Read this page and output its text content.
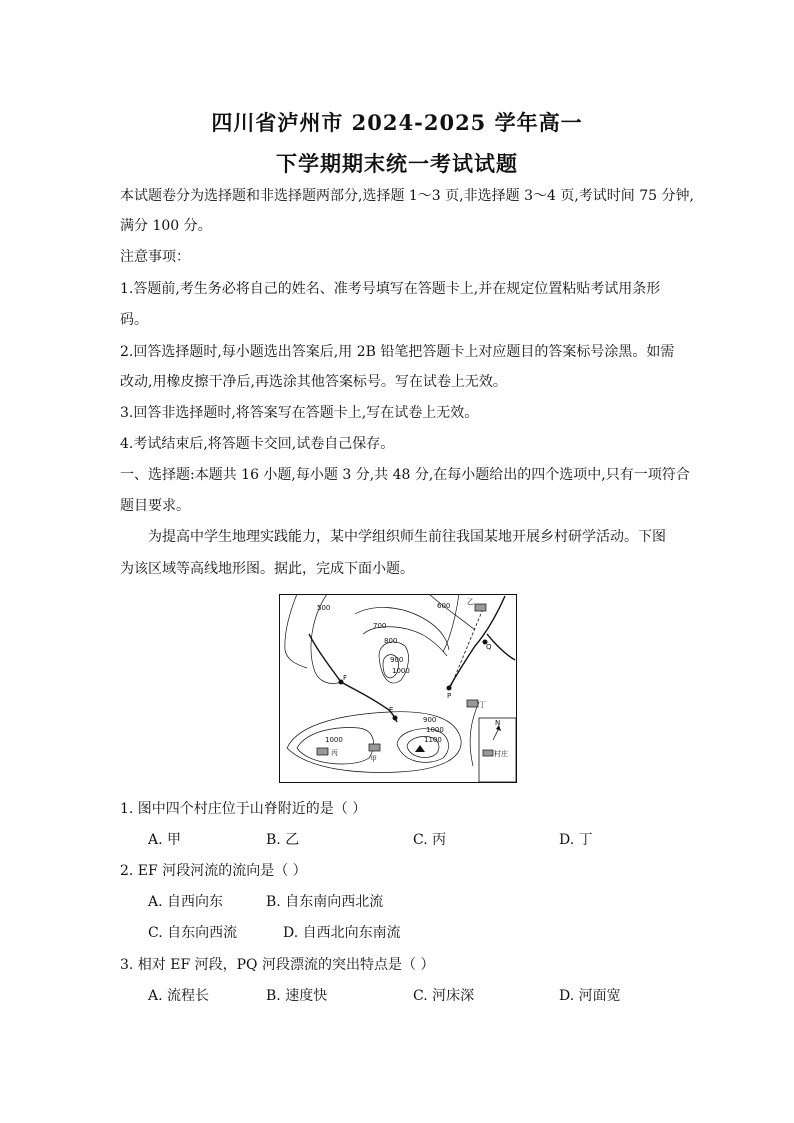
四川省泸州市 2024-2025 学年高一
下学期期末统一考试试题
本试题卷分为选择题和非选择题两部分,选择题 1～3 页,非选择题 3～4 页,考试时间 75 分钟,
满分 100 分。
注意事项：
1.答题前,考生务必将自己的姓名、准考号填写在答题卡上,并在规定位置粘贴考试用条形
码。
2.回答选择题时,每小题选出答案后,用 2B 铅笔把答题卡上对应题目的答案标号涂黑。如需
改动,用橡皮擦干净后,再选涂其他答案标号。写在试卷上无效。
3.回答非选择题时,将答案写在答题卡上,写在试卷上无效。
4.考试结束后,将答题卡交回,试卷自己保存。
一、选择题:本题共 16 小题,每小题 3 分,共 48 分,在每小题给出的四个选项中,只有一项符合
题目要求。
为提高中学生地理实践能力，某中学组织师生前往我国某地开展乡村研学活动。下图
为该区域等高线地形图。据此，完成下面小题。
500	600
700
800
900
1000
900
1000
1100
1000
F
E
P
Q
乙
丁
丙
甲
N
村庄
1. 图中四个村庄位于山脊附近的是（ ）
A. 甲	B. 乙	C. 丙	D. 丁
2. EF 河段河流的流向是（ ）
A. 自西向东	B. 自东南向西北流
C. 自东向西流	D. 自西北向东南流
3. 相对 EF 河段，PQ 河段漂流的突出特点是（ ）
A. 流程长	B. 速度快	C. 河床深	D. 河面宽
